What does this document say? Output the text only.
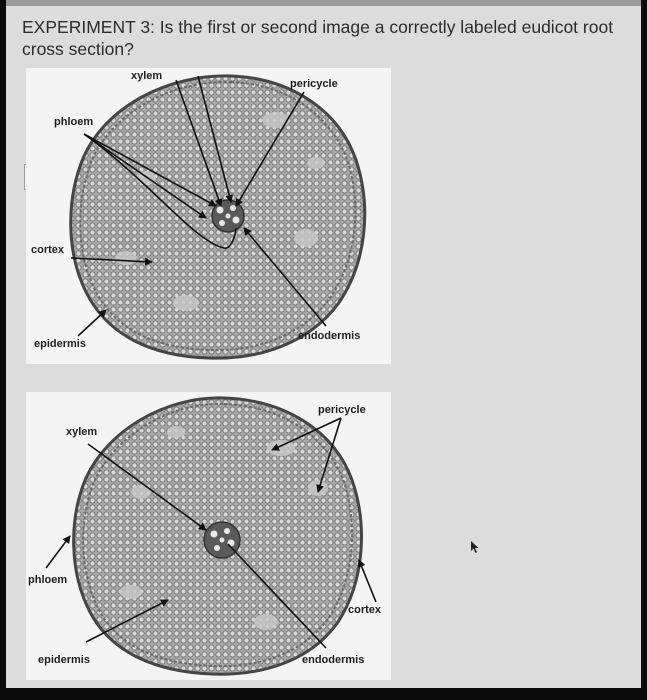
EXPERIMENT 3: Is the first or second image a correctly labeled eudicot root cross section?
xylem
pericycle
phloem
cortex
endodermis
epidermis
pericycle
xylem
phloem
cortex
epidermis	endodermis
